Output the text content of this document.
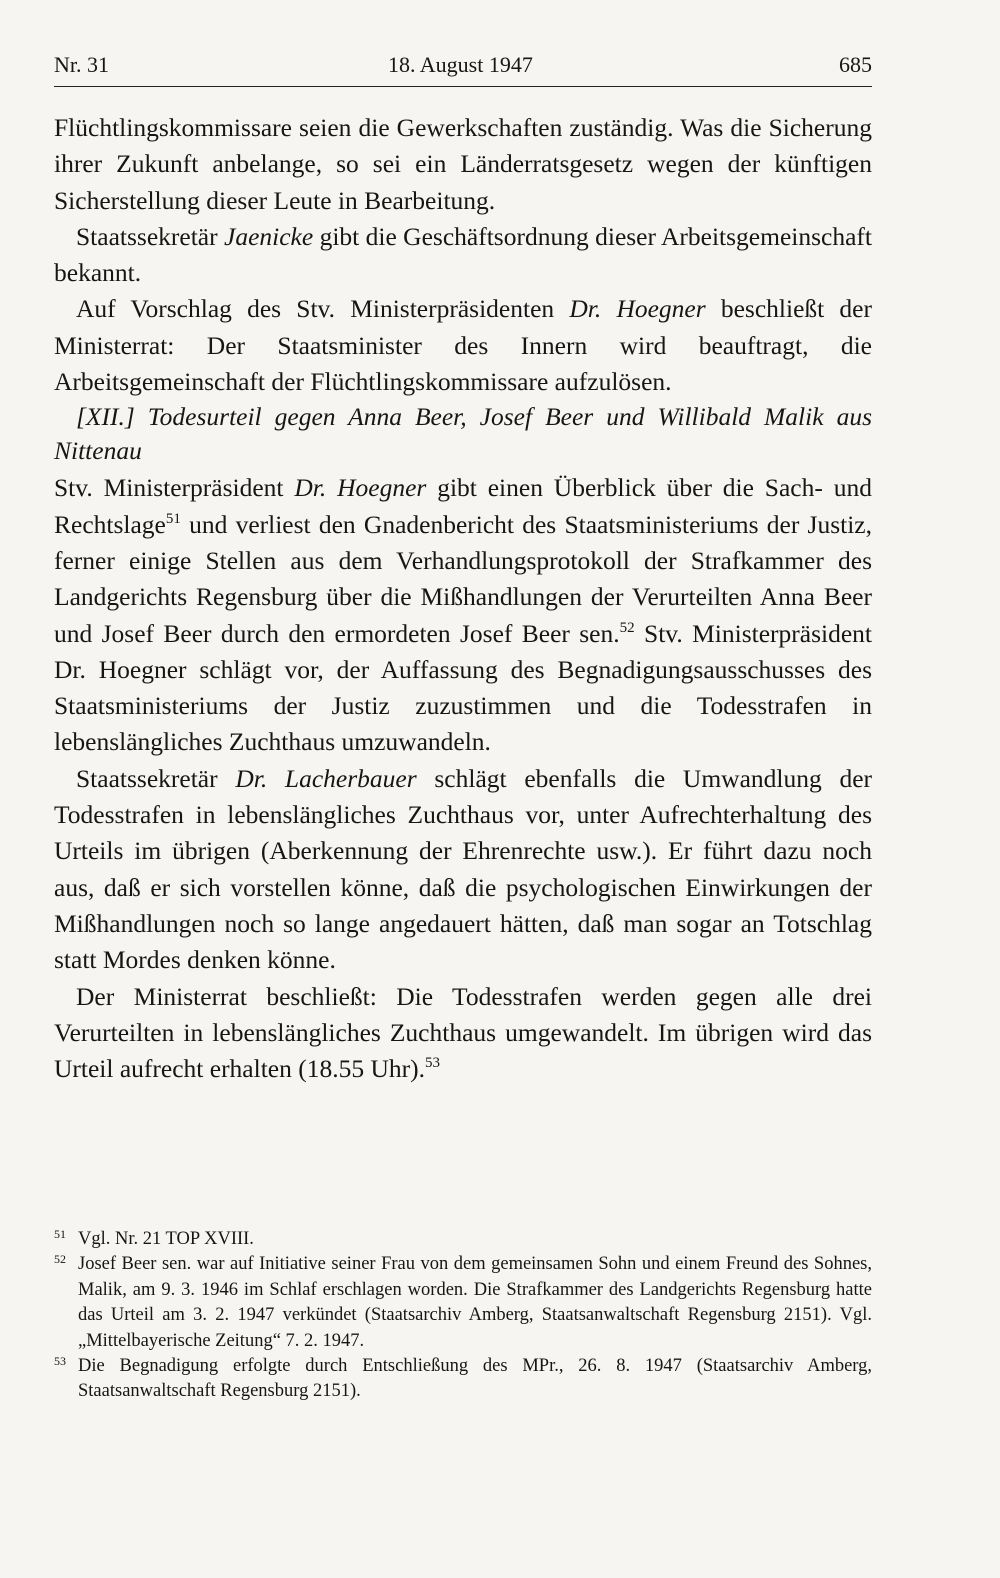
Nr. 31	18. August 1947	685

Flüchtlingskommissare seien die Gewerkschaften zuständig. Was die Sicherung ihrer Zukunft anbelange, so sei ein Länderratsgesetz wegen der künftigen Sicherstellung dieser Leute in Bearbeitung.

Staatssekretär Jaenicke gibt die Geschäftsordnung dieser Arbeitsgemeinschaft bekannt.

Auf Vorschlag des Stv. Ministerpräsidenten Dr. Hoegner beschließt der Ministerrat: Der Staatsminister des Innern wird beauftragt, die Arbeitsgemeinschaft der Flüchtlingskommissare aufzulösen.

[XII.] Todesurteil gegen Anna Beer, Josef Beer und Willibald Malik aus Nittenau

Stv. Ministerpräsident Dr. Hoegner gibt einen Überblick über die Sach- und Rechtslage$^{51}$ und verliest den Gnadenbericht des Staatsministeriums der Justiz, ferner einige Stellen aus dem Verhandlungsprotokoll der Strafkammer des Landgerichts Regensburg über die Mißhandlungen der Verurteilten Anna Beer und Josef Beer durch den ermordeten Josef Beer sen.$^{52}$ Stv. Ministerpräsident Dr. Hoegner schlägt vor, der Auffassung des Begnadigungsausschusses des Staatsministeriums der Justiz zuzustimmen und die Todesstrafen in lebenslängliches Zuchthaus umzuwandeln.

Staatssekretär Dr. Lacherbauer schlägt ebenfalls die Umwandlung der Todesstrafen in lebenslängliches Zuchthaus vor, unter Aufrechterhaltung des Urteils im übrigen (Aberkennung der Ehrenrechte usw.). Er führt dazu noch aus, daß er sich vorstellen könne, daß die psychologischen Einwirkungen der Mißhandlungen noch so lange angedauert hätten, daß man sogar an Totschlag statt Mordes denken könne.

Der Ministerrat beschließt: Die Todesstrafen werden gegen alle drei Verurteilten in lebenslängliches Zuchthaus umgewandelt. Im übrigen wird das Urteil aufrecht erhalten (18.55 Uhr).$^{53}$

51 Vgl. Nr. 21 TOP XVIII.
52 Josef Beer sen. war auf Initiative seiner Frau von dem gemeinsamen Sohn und einem Freund des Sohnes, Malik, am 9. 3. 1946 im Schlaf erschlagen worden. Die Strafkammer des Landgerichts Regensburg hatte das Urteil am 3. 2. 1947 verkündet (Staatsarchiv Amberg, Staatsanwaltschaft Regensburg 2151). Vgl. „Mittelbayerische Zeitung“ 7. 2. 1947.
53 Die Begnadigung erfolgte durch Entschließung des MPr., 26. 8. 1947 (Staatsarchiv Amberg, Staatsanwaltschaft Regensburg 2151).
